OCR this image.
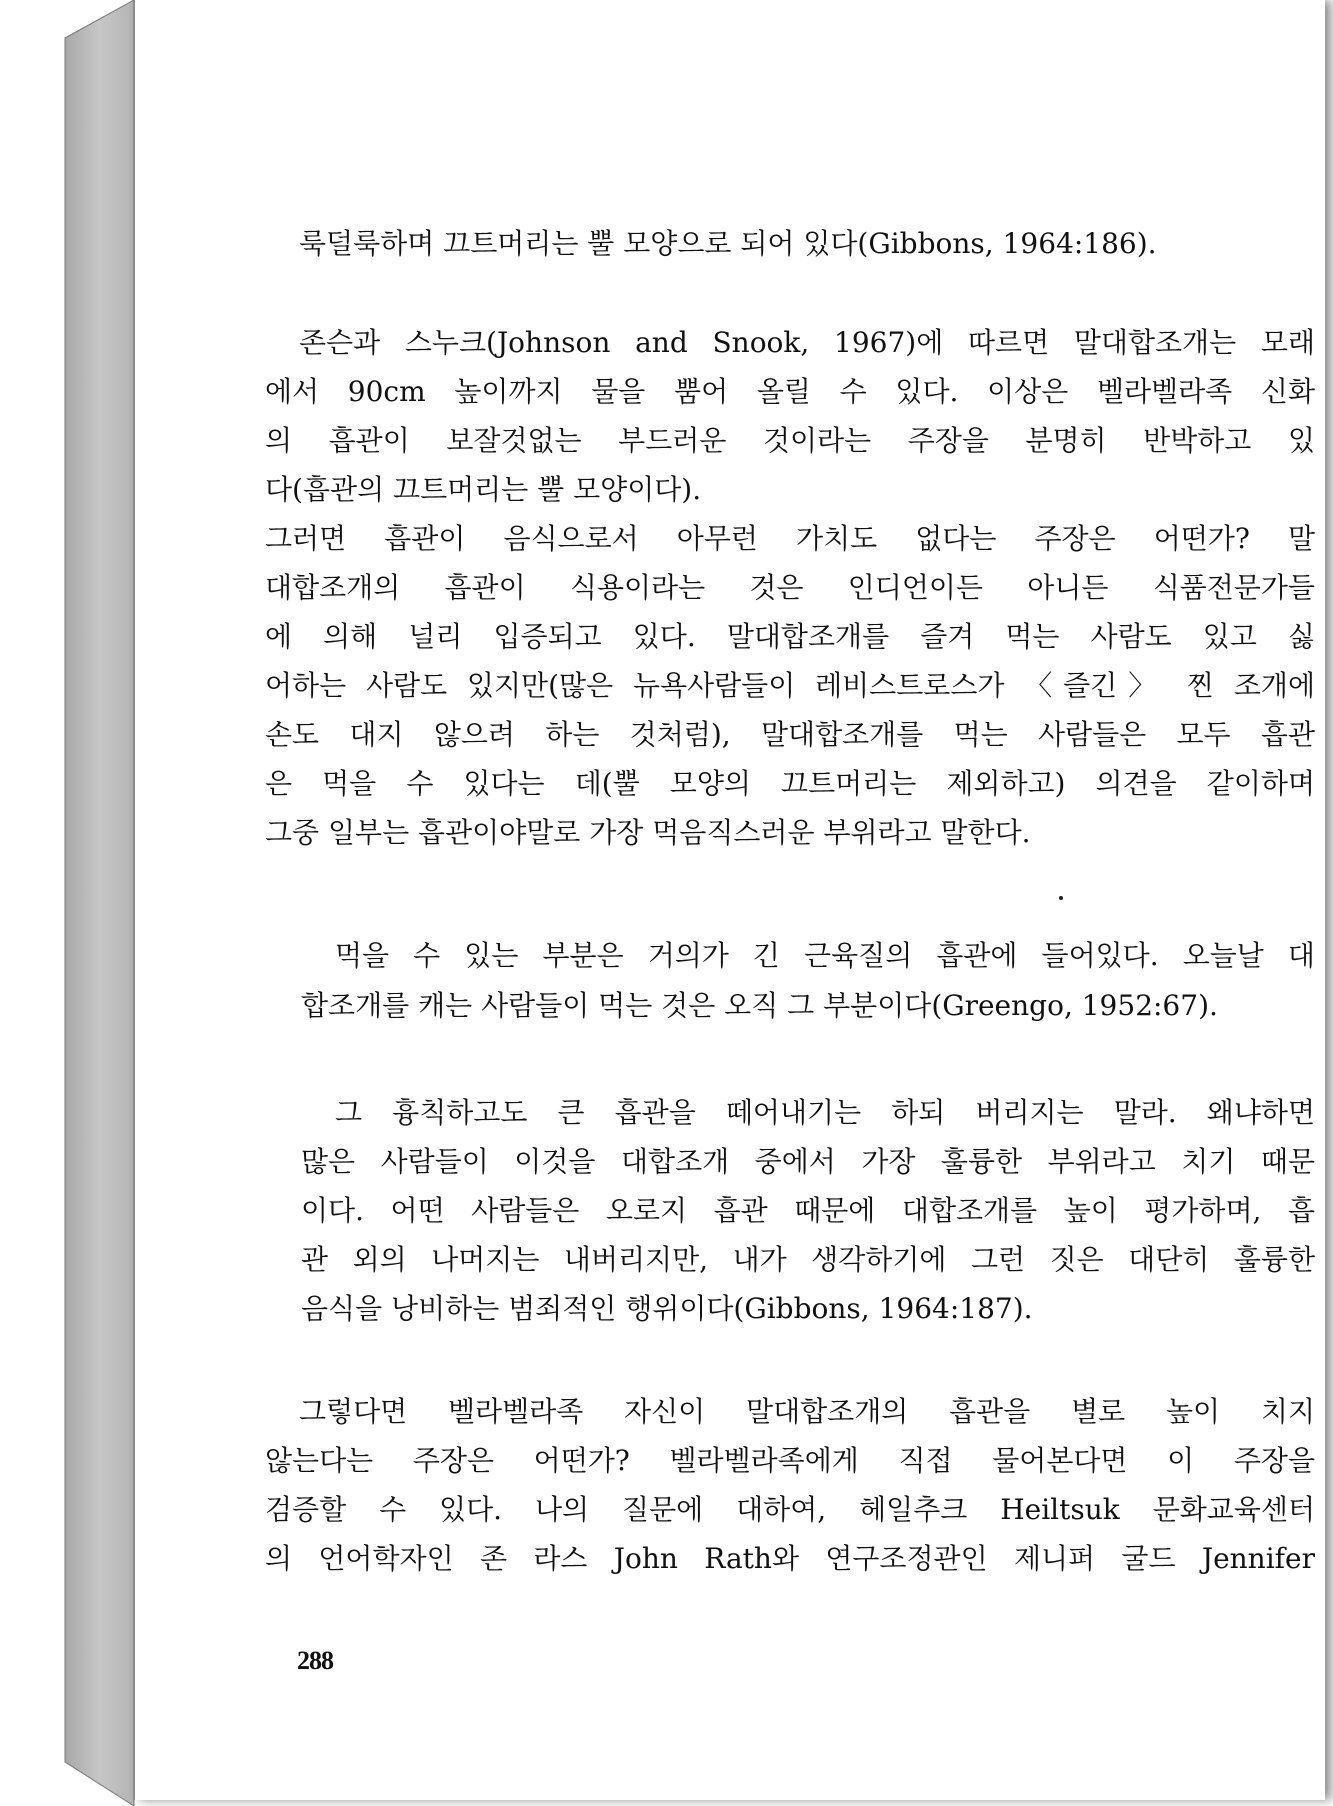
룩덜룩하며 끄트머리는 뿔 모양으로 되어 있다(Gibbons, 1964:186).
존슨과 스누크(Johnson and Snook, 1967)에 따르면 말대합조개는 모래
에서 90cm 높이까지 물을 뿜어 올릴 수 있다. 이상은 벨라벨라족 신화
의 흡관이 보잘것없는 부드러운 것이라는 주장을 분명히 반박하고 있
다(흡관의 끄트머리는 뿔 모양이다).
그러면 흡관이 음식으로서 아무런 가치도 없다는 주장은 어떤가? 말
대합조개의 흡관이 식용이라는 것은 인디언이든 아니든 식품전문가들
에 의해 널리 입증되고 있다. 말대합조개를 즐겨 먹는 사람도 있고 싫
어하는 사람도 있지만(많은 뉴욕사람들이 레비스트로스가 〈즐긴〉 찐 조개에
손도 대지 않으려 하는 것처럼), 말대합조개를 먹는 사람들은 모두 흡관
은 먹을 수 있다는 데(뿔 모양의 끄트머리는 제외하고) 의견을 같이하며
그중 일부는 흡관이야말로 가장 먹음직스러운 부위라고 말한다.
먹을 수 있는 부분은 거의가 긴 근육질의 흡관에 들어있다. 오늘날 대
합조개를 캐는 사람들이 먹는 것은 오직 그 부분이다(Greengo, 1952:67).
그 흉칙하고도 큰 흡관을 떼어내기는 하되 버리지는 말라. 왜냐하면
많은 사람들이 이것을 대합조개 중에서 가장 훌륭한 부위라고 치기 때문
이다. 어떤 사람들은 오로지 흡관 때문에 대합조개를 높이 평가하며, 흡
관 외의 나머지는 내버리지만, 내가 생각하기에 그런 짓은 대단히 훌륭한
음식을 낭비하는 범죄적인 행위이다(Gibbons, 1964:187).
그렇다면 벨라벨라족 자신이 말대합조개의 흡관을 별로 높이 치지
않는다는 주장은 어떤가? 벨라벨라족에게 직접 물어본다면 이 주장을
검증할 수 있다. 나의 질문에 대하여, 헤일추크 Heiltsuk 문화교육센터
의 언어학자인 존 라스 John Rath와 연구조정관인 제니퍼 굴드 Jennifer
288
